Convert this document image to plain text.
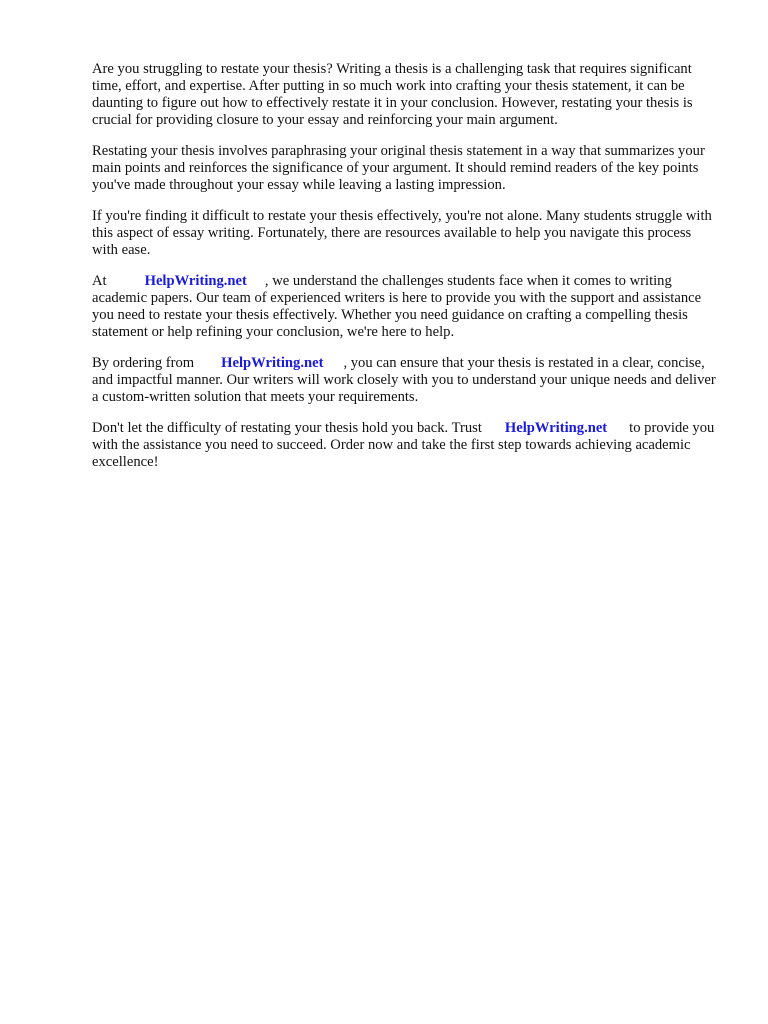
Are you struggling to restate your thesis? Writing a thesis is a challenging task that requires significant time, effort, and expertise. After putting in so much work into crafting your thesis statement, it can be daunting to figure out how to effectively restate it in your conclusion. However, restating your thesis is crucial for providing closure to your essay and reinforcing your main argument.

Restating your thesis involves paraphrasing your original thesis statement in a way that summarizes your main points and reinforces the significance of your argument. It should remind readers of the key points you've made throughout your essay while leaving a lasting impression.

If you're finding it difficult to restate your thesis effectively, you're not alone. Many students struggle with this aspect of essay writing. Fortunately, there are resources available to help you navigate this process with ease.

At	HelpWriting.net , we understand the challenges students face when it comes to writing academic papers. Our team of experienced writers is here to provide you with the support and assistance you need to restate your thesis effectively. Whether you need guidance on crafting a compelling thesis statement or help refining your conclusion, we're here to help.

By ordering from HelpWriting.net , you can ensure that your thesis is restated in a clear, concise, and impactful manner. Our writers will work closely with you to understand your unique needs and deliver a custom-written solution that meets your requirements.

Don't let the difficulty of restating your thesis hold you back. Trust HelpWriting.net to provide you with the assistance you need to succeed. Order now and take the first step towards achieving academic excellence!
